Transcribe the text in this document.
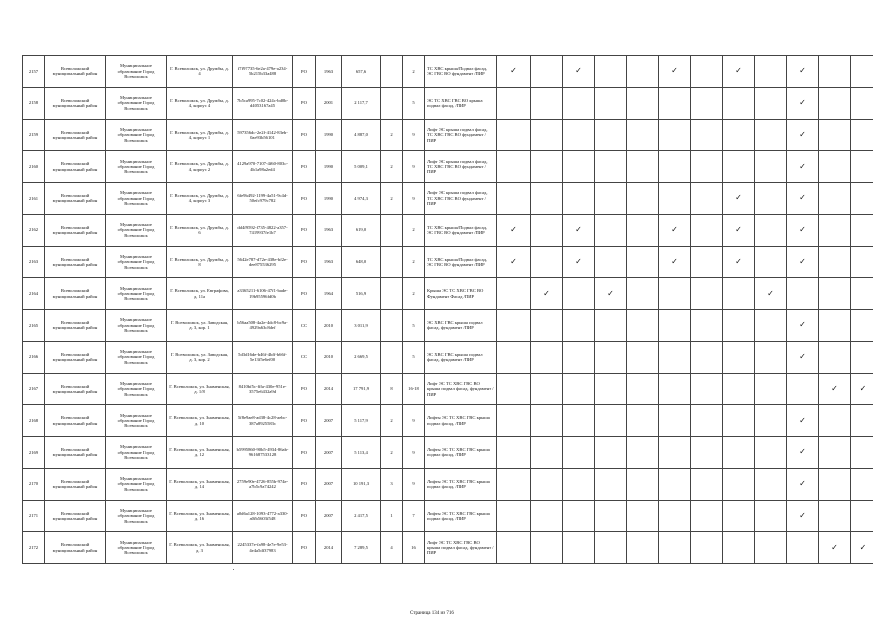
2157	Всеволожский муниципальный район	Муниципальное образование Город Всеволожск	Г. Всеволожск, ул. Дружбы, д. 4	f7f97735-6e2a-479e-a234-5b215b33a488	РО	1963	657,6		2	ТС ХВС крыша/Подвал фасад, ЭС ГВС ВО фундамент /ПИР	✓		✓			✓		✓		✓		
2158	Всеволожский муниципальный район	Муниципальное образование Город Всеволожск	Г. Всеволожск, ул. Дружбы, д. 4, корпус 4	7b5ca995-7c02-424c-bd0b-d4053167a45	РО	2001	2 117,7		5	ЭС ТС ХВС ГВС ВО крыша подвал фасад, /ПИР										✓		
2159	Всеволожский муниципальный район	Муниципальное образование Город Всеволожск	Г. Всеволожск, ул. Дружбы, д. 4, корпус 1	597356dc-2e2f-4142-83eb-0ae93b56101	РО	1990	4 887,0	2	9	Лифт ЭС крыша подвал фасад, ТС ХВС ГВС ВО фундамент /ПИР										✓		
2160	Всеволожский муниципальный район	Муниципальное образование Город Всеволожск	Г. Всеволожск, ул. Дружбы, д. 4, корпус 2	4129a970-7107-4f60-803c-4b1a98a2ed4	РО	1990	5 009,1	2	9	Лифт ЭС крыша подвал фасад, ТС ХВС ГВС ВО фундамент /ПИР										✓		
2161	Всеволожский муниципальный район	Муниципальное образование Город Всеволожск	Г. Всеволожск, ул. Дружбы, д. 4, корпус 3	6fe9b492-1199-4a51-9c4d-50efc979c782	РО	1990	4 974,3	2	9	Лифт ЭС крыша подвал фасад, ТС ХВС ГВС ВО фундамент /ПИР								✓		✓		
2162	Всеволожский муниципальный район	Муниципальное образование Город Всеволожск	Г. Всеволожск, ул. Дружбы, д. 6	dd4f9592-f735-4822-a357-7419937fe1b7	РО	1963	619,0		2	ТС ХВС крыша/Подвал фасад, ЭС ГВС ВО фундамент /ПИР	✓		✓			✓		✓		✓		
2163	Всеволожский муниципальный район	Муниципальное образование Город Всеволожск	Г. Всеволожск, ул. Дружбы, д. 8	5642e787-d72e-438e-bf2e-dee875536295	РО	1963	648,0		2	ТС ХВС крыша/Подвал фасад, ЭС ГВС ВО фундамент /ПИР	✓		✓			✓		✓		✓		
2164	Всеволожский муниципальный район	Муниципальное образование Город Всеволожск	Г. Всеволожск, ул. Евграфова, д. 11а	a3365211-6106-47f1-bade-19b95596fd0b	РО	1964	516,9		2	Крыша ЭС ТС ХВС ГВС ВО Фундамент Фасад /ПИР		✓		✓					✓			
2165	Всеволожский муниципальный район	Муниципальное образование Город Всеволожск	Г. Всеволожск, ул. Заводская, д. 3, кор. 1	b56aa508-4a2e-4dc8-bc9a-4929a63c8def	СС	2010	3 011,9		5	ЭС ХВС ГВС крыша подвал фасад, фундамент /ПИР										✓		
2166	Всеволожский муниципальный район	Муниципальное образование Город Всеволожск	Г. Всеволожск, ул. Заводская, д. 3, кор. 2	5d3d16de-b46f-4bff-b66f-5e13f5e6ef00	СС	2010	2 669,5		5	ЭС ХВС ГВС крыша подвал фасад, фундамент /ПИР										✓		
2167	Всеволожский муниципальный район	Муниципальное образование Город Всеволожск	Г. Всеволожск, ул. Знаменская, д. 1/8	8410bf5c-fffa-430e-951e-3575e6432a9d	РО	2014	17 791,9	8	16-18	Лифт ЭС ТС ХВС ГВС ВО крыша подвал фасад, фундамент /ПИР											✓	✓
2168	Всеволожский муниципальный район	Муниципальное образование Город Всеволожск	Г. Всеволожск, ул. Знаменская, д. 10	5f8e9ae8-ad38-4c28-aebc-387a8925583c	РО	2007	5 117,9	2	9	Лифты ЭС ТС ХВС ГВС крыша подвал фасад, /ПИР										✓		
2169	Всеволожский муниципальный район	Муниципальное образование Город Всеволожск	Г. Всеволожск, ул. Знаменская, д. 12	b5995860-90b5-4934-86ab-961687533128	РО	2007	5 113,4	2	9	Лифты ЭС ТС ХВС ГВС крыша подвал фасад, /ПИР										✓		
2170	Всеволожский муниципальный район	Муниципальное образование Город Всеволожск	Г. Всеволожск, ул. Знаменская, д. 14	2759e90e-4726-855b-974e-a7b5c9a74242	РО	2007	10 191,3	3	9	Лифты ЭС ТС ХВС ГВС крыша подвал фасад, /ПИР										✓		
2171	Всеволожский муниципальный район	Муниципальное образование Город Всеволожск	Г. Всеволожск, ул. Знаменская, д. 16	a0d6a128-1093-4772-a330-a0fb5603f548	РО	2007	2 417,5	1	7	Лифты ЭС ТС ХВС ГВС крыша подвал фасад, /ПИР										✓		
2172	Всеволожский муниципальный район	Муниципальное образование Город Всеволожск	Г. Всеволожск, ул. Знаменская, д. 3	2245337e-fa98-4e7e-9e53-4e4a5df37983	РО	2014	7 289,5	4	16	Лифт ЭС ТС ХВС ГВС ВО крыша подвал фасад, фундамент /ПИР											✓	✓
Страница 134 из 716
